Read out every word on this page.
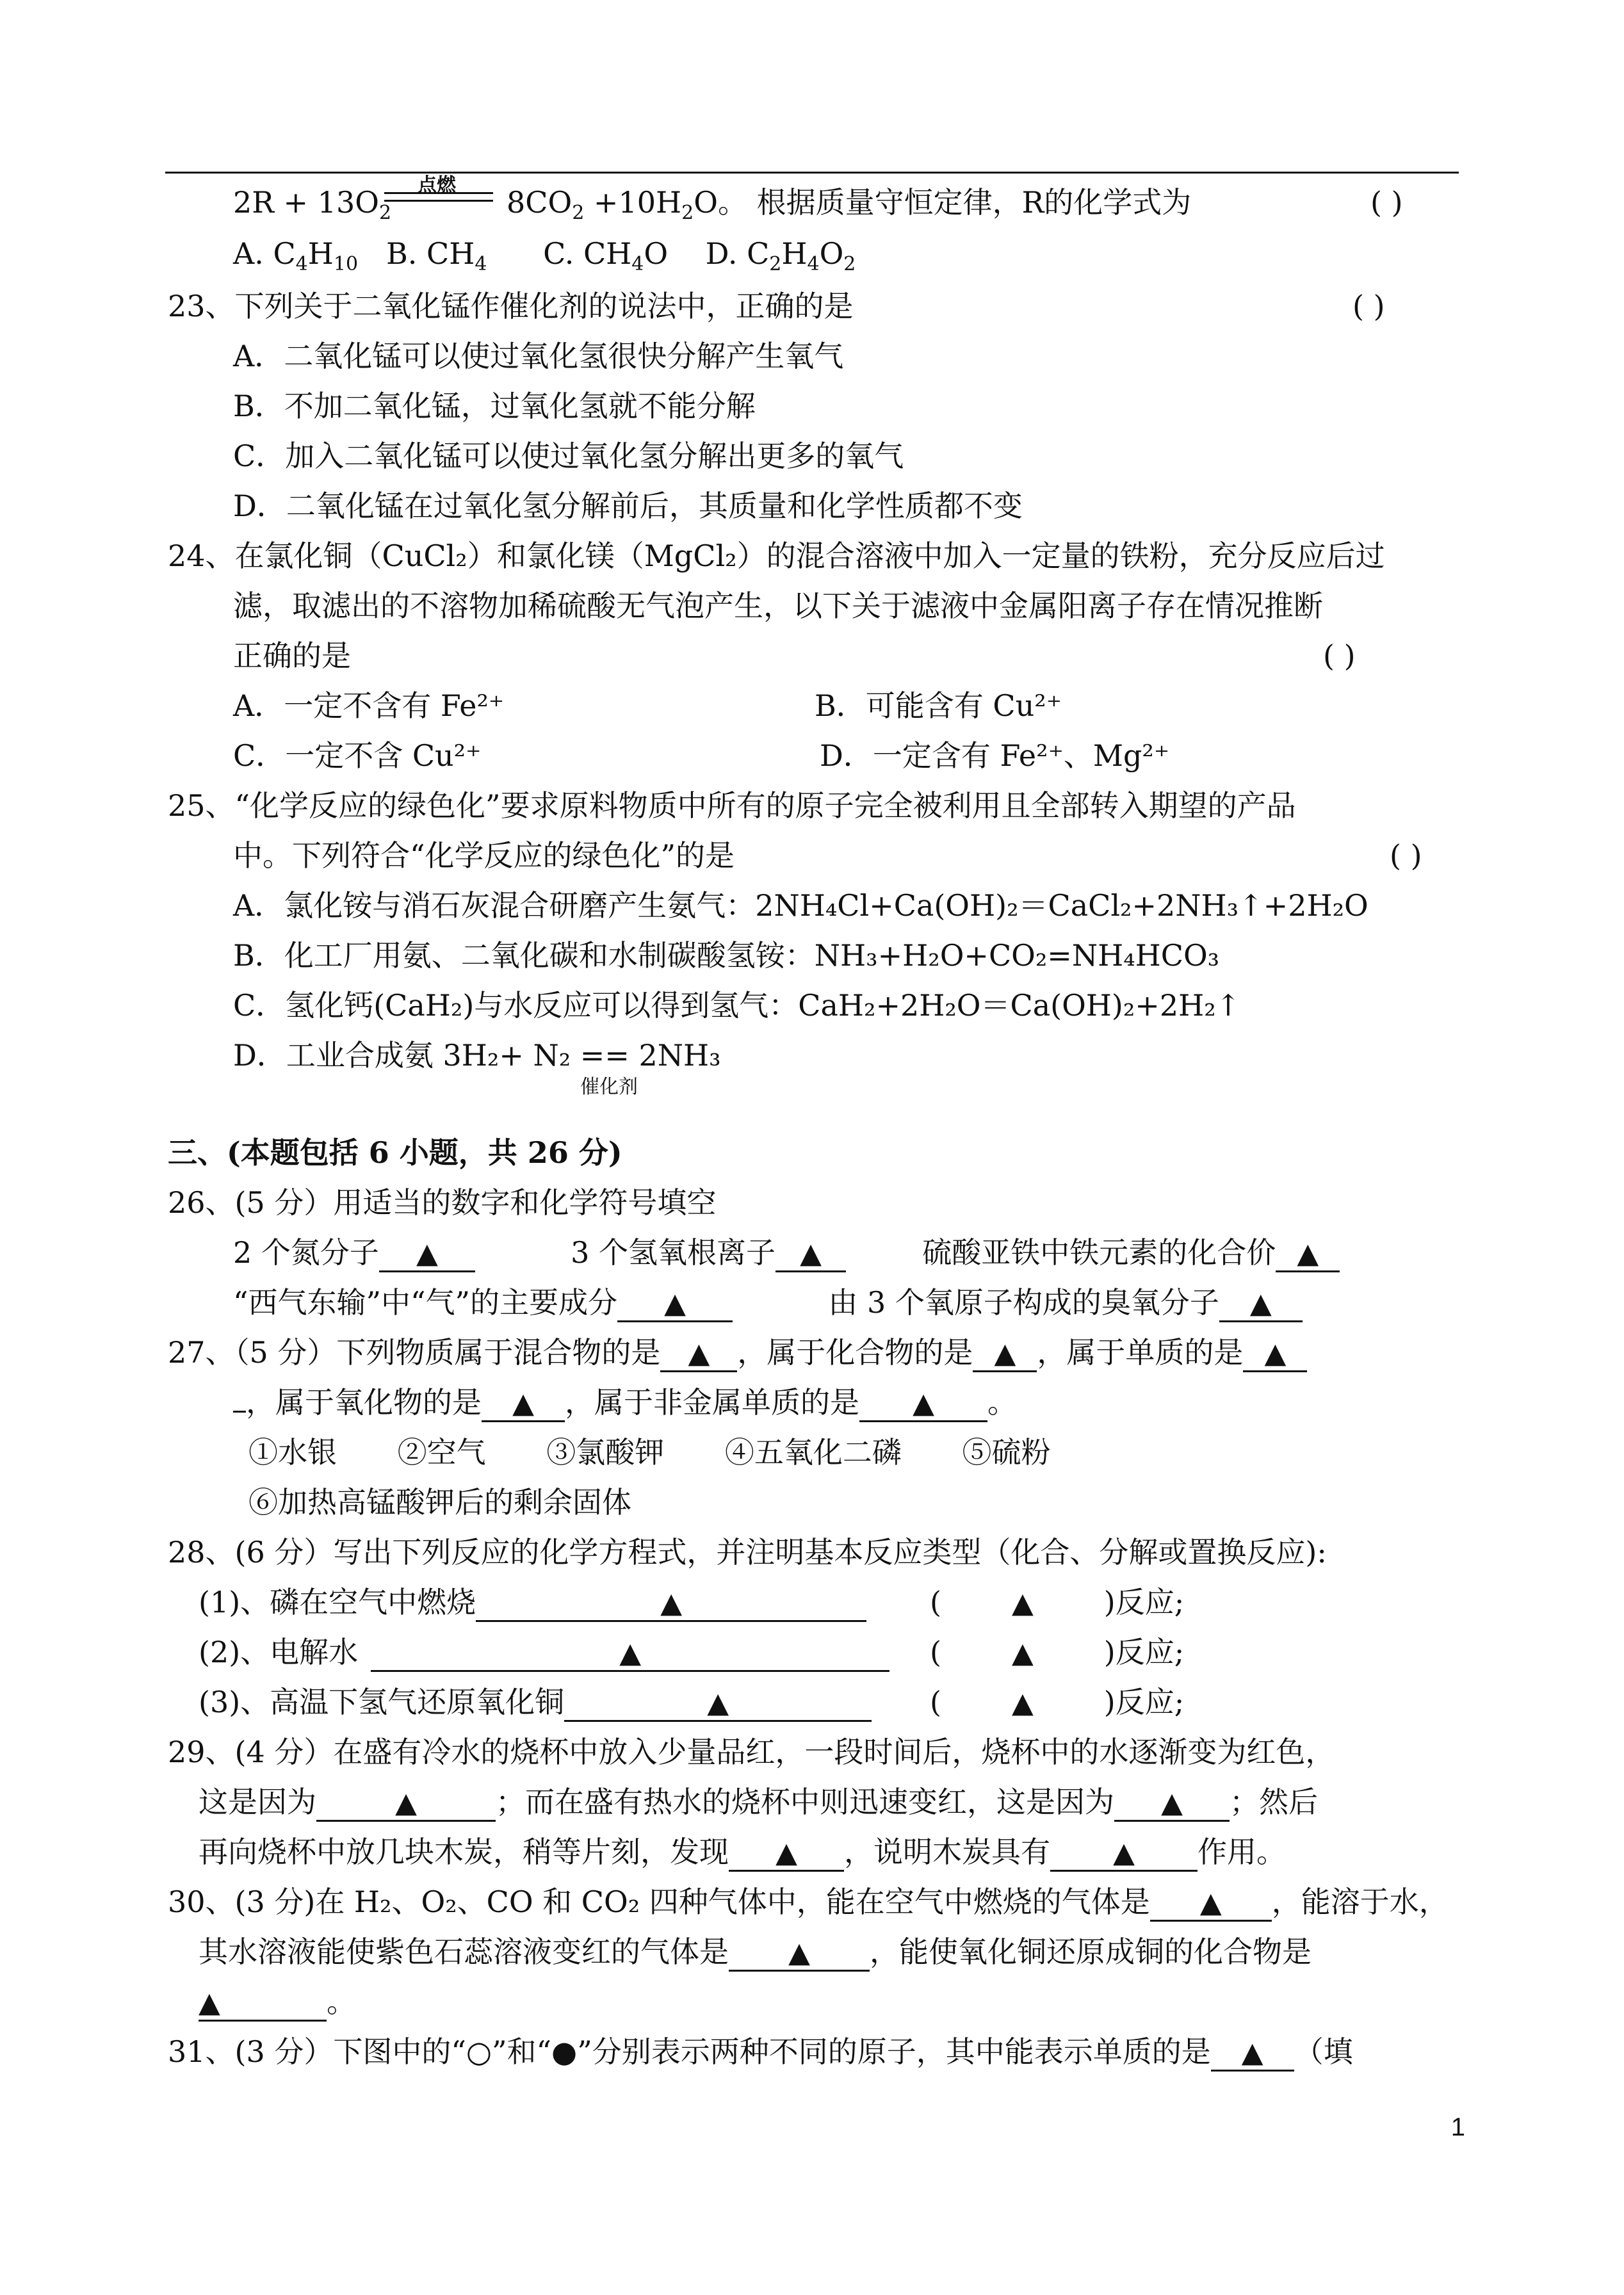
点燃
$2R + 13O_2$	$8CO_2 +10H_2O$。 根据质量守恒定律，R的化学式为	( )
A. $C_4H_{10}$ B. $CH_4$ C. $CH_4O$ D. $C_2H_4O_2$
23、下列关于二氧化锰作催化剂的说法中，正确的是	( )
A．二氧化锰可以使过氧化氢很快分解产生氧气
B．不加二氧化锰，过氧化氢就不能分解
C．加入二氧化锰可以使过氧化氢分解出更多的氧气
D．二氧化锰在过氧化氢分解前后，其质量和化学性质都不变
24、在氯化铜（CuCl₂）和氯化镁（MgCl₂）的混合溶液中加入一定量的铁粉，充分反应后过
滤，取滤出的不溶物加稀硫酸无气泡产生，以下关于滤液中金属阳离子存在情况推断
正确的是	( )
A．一定不含有 Fe²⁺	B．可能含有 Cu²⁺
C．一定不含 Cu²⁺	D．一定含有 Fe²⁺、Mg²⁺
25、“化学反应的绿色化”要求原料物质中所有的原子完全被利用且全部转入期望的产品
中。下列符合“化学反应的绿色化”的是	( )
A．氯化铵与消石灰混合研磨产生氨气：2NH₄Cl+Ca(OH)₂＝CaCl₂+2NH₃↑+2H₂O
B．化工厂用氨、二氧化碳和水制碳酸氢铵：NH₃+H₂O+CO₂=NH₄HCO₃
C．氢化钙(CaH₂)与水反应可以得到氢气：CaH₂+2H₂O＝Ca(OH)₂+2H₂↑
D．工业合成氨 3H₂+ N₂ == 2NH₃
催化剂
三、(本题包括 6 小题，共 26 分)
26、(5 分）用适当的数字和化学符号填空
2 个氮分子 ▲	3 个氢氧根离子 ▲	硫酸亚铁中铁元素的化合价 ▲
“西气东输”中“气”的主要成分 ▲	由 3 个氧原子构成的臭氧分子 ▲
27、（5 分）下列物质属于混合物的是 ▲ ，属于化合物的是 ▲ ，属于单质的是 ▲
，属于氧化物的是 ▲ ，属于非金属单质的是 ▲ 。
①水银 ②空气 ③氯酸钾 ④五氧化二磷 ⑤硫粉
⑥加热高锰酸钾后的剩余固体
28、(6 分）写出下列反应的化学方程式，并注明基本反应类型（化合、分解或置换反应):
(1)、磷在空气中燃烧	▲	(	▲ )反应;
(2)、电解水	▲	(	▲ )反应;
(3)、高温下氢气还原氧化铜	▲	(	▲ )反应;
29、(4 分）在盛有冷水的烧杯中放入少量品红，一段时间后，烧杯中的水逐渐变为红色，
这是因为	▲	；而在盛有热水的烧杯中则迅速变红，这是因为 ▲ ；然后
再向烧杯中放几块木炭，稍等片刻，发现 ▲ ，说明木炭具有 ▲ 作用。
30、(3 分)在 H₂、O₂、CO 和 CO₂ 四种气体中，能在空气中燃烧的气体是 ▲ ，能溶于水，
其水溶液能使紫色石蕊溶液变红的气体是 ▲ ，能使氧化铜还原成铜的化合物是
▲	。
31、(3 分）下图中的“○”和“●”分别表示两种不同的原子，其中能表示单质的是 ▲ （填
1
